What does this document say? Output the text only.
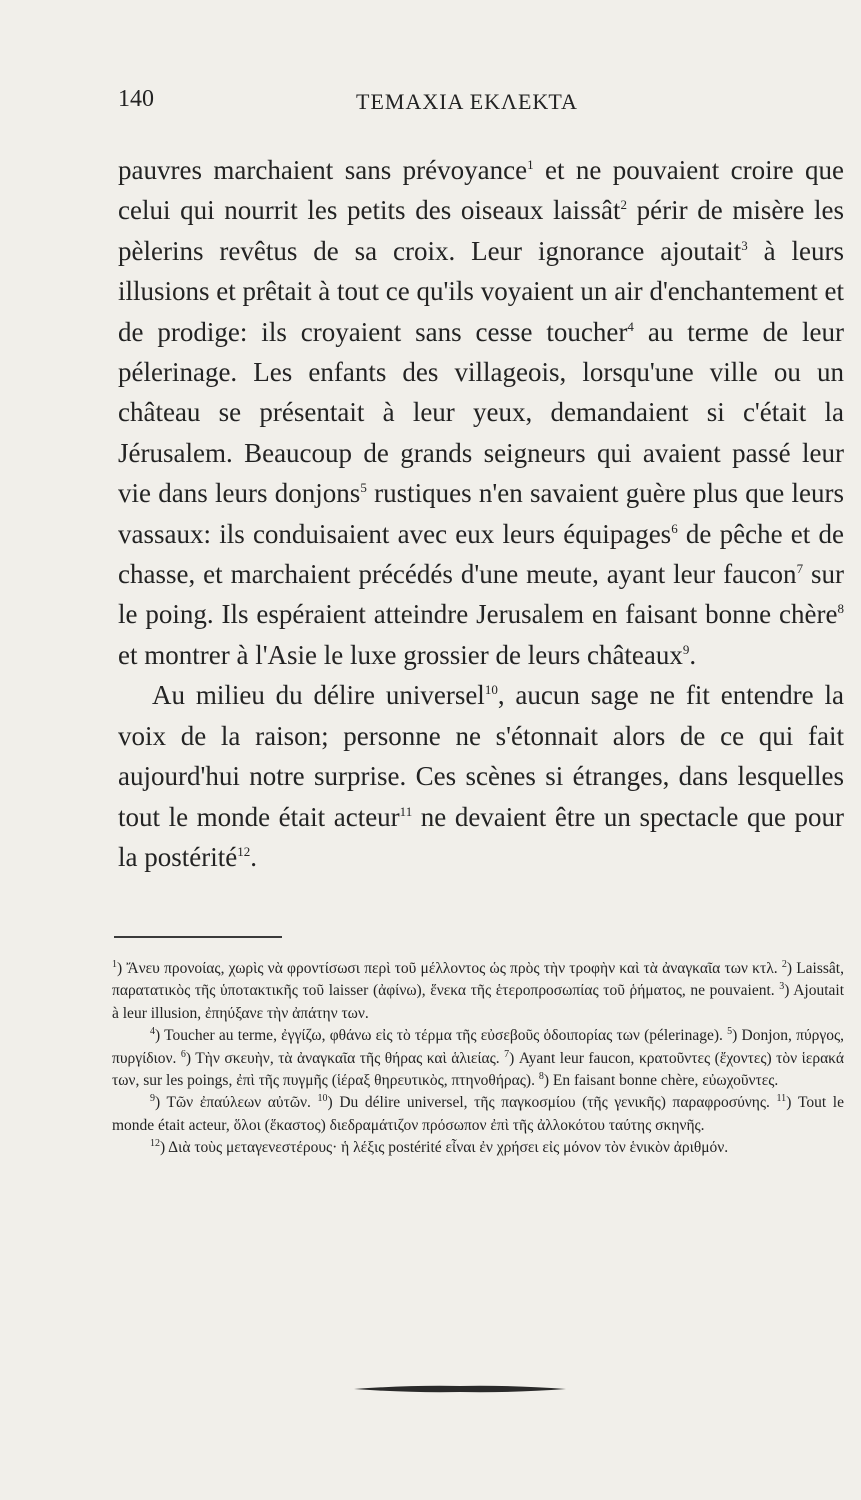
140	ΤΕΜΑΧΙΑ ΕΚΛΕΚΤΑ

pauvres marchaient sans prévoyance$^1$ et ne pouvaient croire que celui qui nourrit les petits des oiseaux laissât$^2$ périr de misère les pèlerins revêtus de sa croix. Leur ignorance ajoutait$^3$ à leurs illusions et prêtait à tout ce qu'ils voyaient un air d'enchantement et de prodige: ils croyaient sans cesse toucher$^4$ au terme de leur pélerinage. Les enfants des villageois, lorsqu'une ville ou un château se présentait à leur yeux, demandaient si c'était la Jérusalem. Beaucoup de grands seigneurs qui avaient passé leur vie dans leurs donjons$^5$ rustiques n'en savaient guère plus que leurs vassaux: ils conduisaient avec eux leurs équipages$^6$ de pêche et de chasse, et marchaient précédés d'une meute, ayant leur faucon$^7$ sur le poing. Ils espéraient atteindre Jerusalem en faisant bonne chère$^8$ et montrer à l'Asie le luxe grossier de leurs châteaux$^9$.

Au milieu du délire universel$^{10}$, aucun sage ne fit entendre la voix de la raison; personne ne s'étonnait alors de ce qui fait aujourd'hui notre surprise. Ces scènes si étranges, dans lesquelles tout le monde était acteur$^{11}$ ne devaient être un spectacle que pour la postérité$^{12}$.

$^1$) Ἄνευ προνοίας, χωρὶς νὰ φροντίσωσι περὶ τοῦ μέλλοντος ὡς πρὸς τὴν τροφὴν καὶ τὰ ἀναγκαῖα των κτλ. $^2$) Laissât, παρατατικὸς τῆς ὑποτακτικῆς τοῦ laisser (ἀφίνω), ἕνεκα τῆς ἑτεροπροσωπίας τοῦ ῥήματος, ne pouvaient. $^3$) Ajoutait à leur illusion, ἐπηύξανε τὴν ἀπάτην των.

$^4$) Toucher au terme, ἐγγίζω, φθάνω εἰς τὸ τέρμα τῆς εὐσεβοῦς ὁδοιπορίας των (pélerinage). $^5$) Donjon, πύργος, πυργίδιον. $^6$) Τὴν σκευὴν, τὰ ἀναγκαῖα τῆς θήρας καὶ ἁλιείας. $^7$) Ayant leur faucon, κρατοῦντες (ἔχοντες) τὸν ἱερακά των, sur les poings, ἐπὶ τῆς πυγμῆς (ἱέραξ θηρευτικὸς, πτηνοθήρας). $^8$) En faisant bonne chère, εὐωχοῦντες.

$^9$) Τῶν ἐπαύλεων αὐτῶν. $^{10}$) Du délire universel, τῆς παγκοσμίου (τῆς γενικῆς) παραφροσύνης. $^{11}$) Tout le monde était acteur, ὅλοι (ἕκαστος) διεδραμάτιζον πρόσωπον ἐπὶ τῆς ἀλλοκότου ταύτης σκηνῆς.

$^{12}$) Διὰ τοὺς μεταγενεστέρους· ἡ λέξις postérité εἶναι ἐν χρήσει εἰς μόνον τὸν ἑνικὸν ἀριθμόν.
